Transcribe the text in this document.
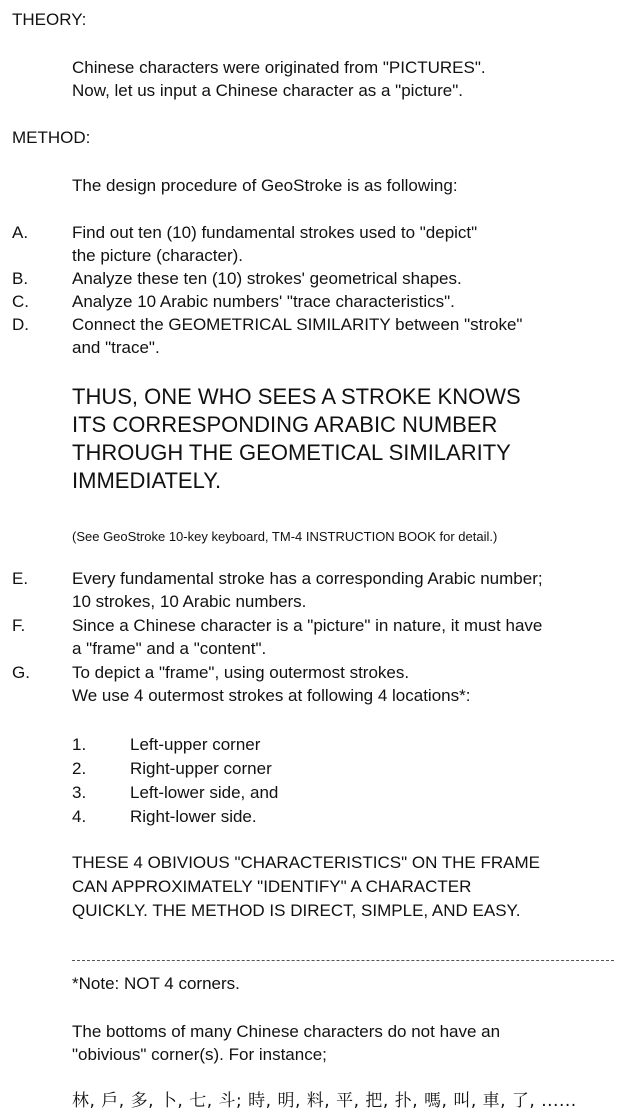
THEORY:
Chinese characters were originated from "PICTURES".
Now, let us input a Chinese character as a "picture".
METHOD:
The design procedure of GeoStroke is as following:
A.	Find out ten (10) fundamental strokes used to "depict"
the picture (character).
B.	Analyze these ten (10) strokes' geometrical shapes.
C.	Analyze 10 Arabic numbers' "trace characteristics".
D.	Connect the GEOMETRICAL SIMILARITY between "stroke"
and "trace".
THUS, ONE WHO SEES A STROKE KNOWS
ITS CORRESPONDING ARABIC NUMBER
THROUGH THE GEOMETICAL SIMILARITY
IMMEDIATELY.
(See GeoStroke 10-key keyboard, TM-4 INSTRUCTION BOOK for detail.)
E.	Every fundamental stroke has a corresponding Arabic number;
10 strokes, 10 Arabic numbers.
F.	Since a Chinese character is a "picture" in nature, it must have
a "frame" and a "content".
G. To depict a "frame", using outermost strokes.
We use 4 outermost strokes at following 4 locations*:
1.	Left-upper corner
2.	Right-upper corner
3.	Left-lower side, and
4.	Right-lower side.
THESE 4 OBIVIOUS "CHARACTERISTICS" ON THE FRAME
CAN APPROXIMATELY "IDENTIFY" A CHARACTER
QUICKLY. THE METHOD IS DIRECT, SIMPLE, AND EASY.
*Note: NOT 4 corners.
The bottoms of many Chinese characters do not have an
"obivious" corner(s). For instance;
林, 戶, 多, 卜, 七, 斗; 時, 明, 料, 平, 把, 扑, 嗎, 叫, 車, 了, ......
